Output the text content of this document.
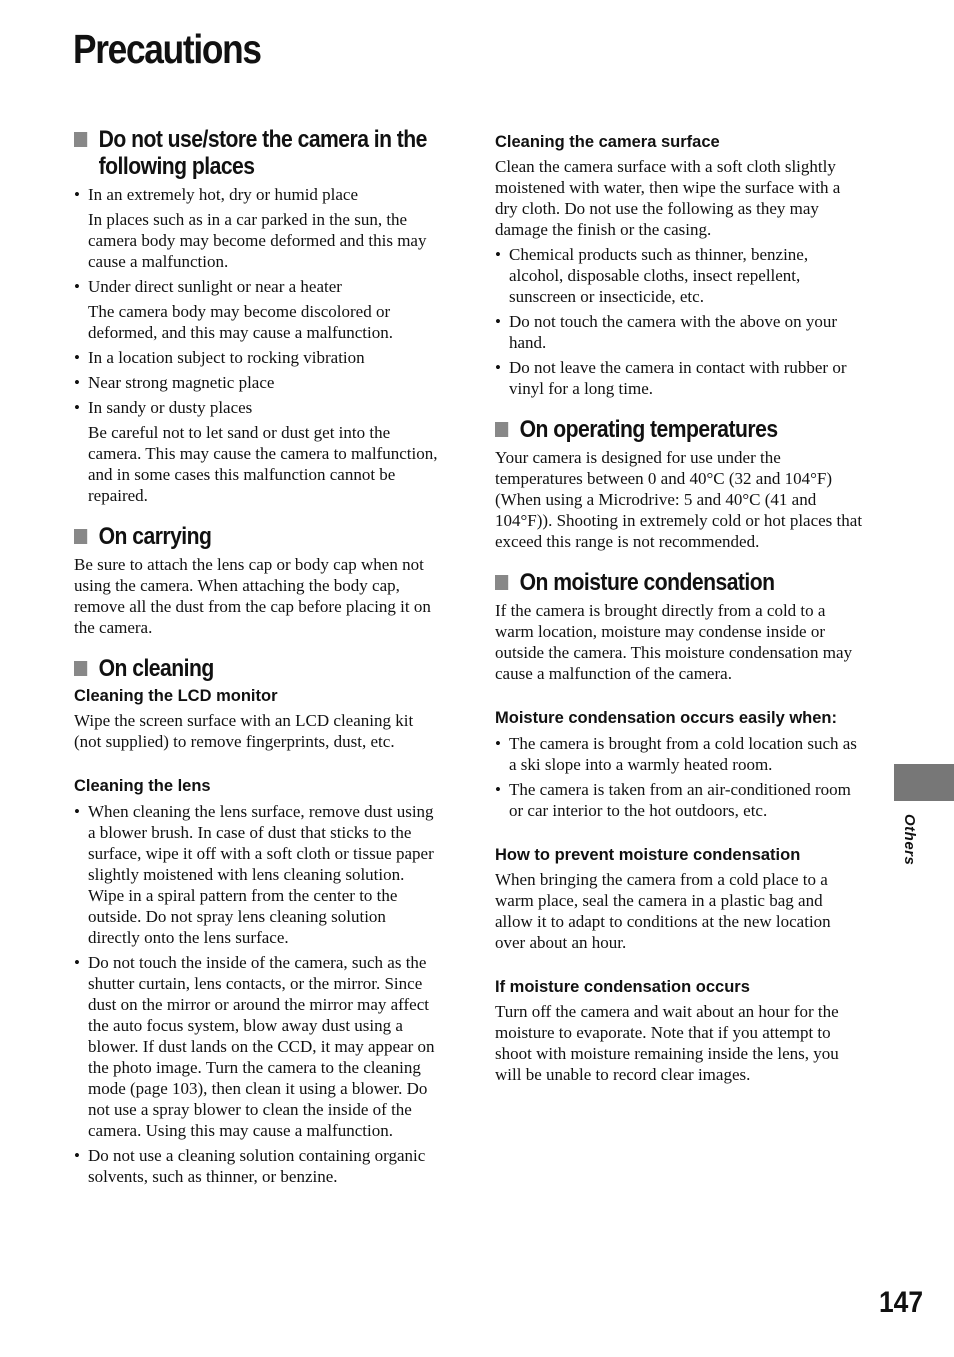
Precautions
Do not use/store the camera in the following places
• In an extremely hot, dry or humid place

In places such as in a car parked in the sun, the camera body may become deformed and this may cause a malfunction.

• Under direct sunlight or near a heater

The camera body may become discolored or deformed, and this may cause a malfunction.

• In a location subject to rocking vibration
• Near strong magnetic place
• In sandy or dusty places

Be careful not to let sand or dust get into the camera. This may cause the camera to malfunction, and in some cases this malfunction cannot be repaired.

On carrying

Be sure to attach the lens cap or body cap when not using the camera. When attaching the body cap, remove all the dust from the cap before placing it on the camera.

On cleaning
Cleaning the LCD monitor

Wipe the screen surface with an LCD cleaning kit (not supplied) to remove fingerprints, dust, etc.

Cleaning the lens
• When cleaning the lens surface, remove dust using a blower brush. In case of dust that sticks to the surface, wipe it off with a soft cloth or tissue paper slightly moistened with lens cleaning solution. Wipe in a spiral pattern from the center to the outside. Do not spray lens cleaning solution directly onto the lens surface.
• Do not touch the inside of the camera, such as the shutter curtain, lens contacts, or the mirror. Since dust on the mirror or around the mirror may affect the auto focus system, blow away dust using a blower. If dust lands on the CCD, it may appear on the photo image. Turn the camera to the cleaning mode (page 103), then clean it using a blower. Do not use a spray blower to clean the inside of the camera. Using this may cause a malfunction.
• Do not use a cleaning solution containing organic solvents, such as thinner, or benzine.
Cleaning the camera surface

Clean the camera surface with a soft cloth slightly moistened with water, then wipe the surface with a dry cloth. Do not use the following as they may damage the finish or the casing.

• Chemical products such as thinner, benzine, alcohol, disposable cloths, insect repellent, sunscreen or insecticide, etc.
• Do not touch the camera with the above on your hand.
• Do not leave the camera in contact with rubber or vinyl for a long time.
On operating temperatures

Your camera is designed for use under the temperatures between 0 and 40°C (32 and 104°F) (When using a Microdrive: 5 and 40°C (41 and 104°F)). Shooting in extremely cold or hot places that exceed this range is not recommended.

On moisture condensation

If the camera is brought directly from a cold to a warm location, moisture may condense inside or outside the camera. This moisture condensation may cause a malfunction of the camera.

Moisture condensation occurs easily when:
• The camera is brought from a cold location such as a ski slope into a warmly heated room.
• The camera is taken from an air-conditioned room or car interior to the hot outdoors, etc.
How to prevent moisture condensation

When bringing the camera from a cold place to a warm place, seal the camera in a plastic bag and allow it to adapt to conditions at the new location over about an hour.

If moisture condensation occurs

Turn off the camera and wait about an hour for the moisture to evaporate. Note that if you attempt to shoot with moisture remaining inside the lens, you will be unable to record clear images.

Others
147
